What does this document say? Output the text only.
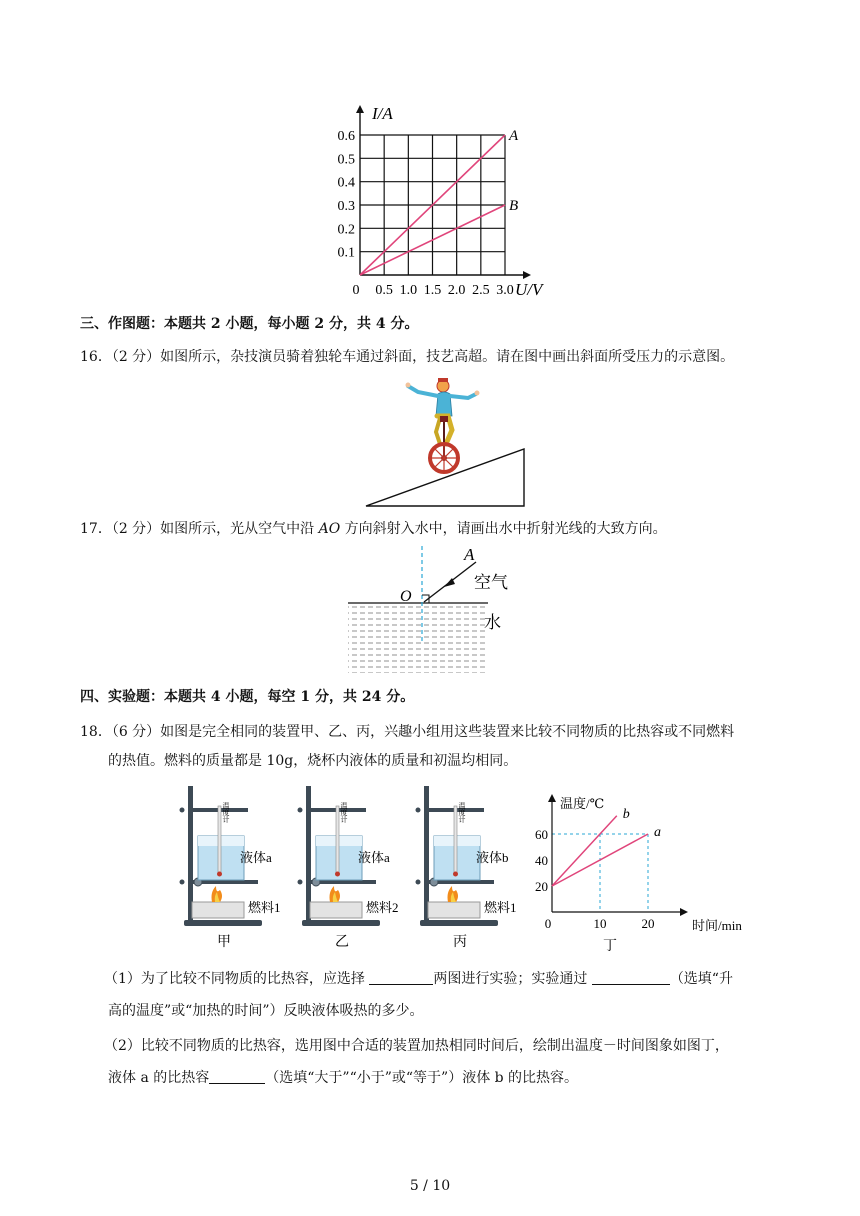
I/A
U/V
0 0.5 1.0 1.5 2.0 2.5 3.0
0.1
0.2
0.3
0.4
0.5
0.6	A
B
三、作图题：本题共 2 小题，每小题 2 分，共 4 分。
16．（2 分）如图所示，杂技演员骑着独轮车通过斜面，技艺高超。请在图中画出斜面所受压力的示意图。
17．（2 分）如图所示，光从空气中沿 AO 方向斜射入水中，请画出水中折射光线的大致方向。
A
O
空气
水
四、实验题：本题共 4 小题，每空 1 分，共 24 分。
18．（6 分）如图是完全相同的装置甲、乙、丙，兴趣小组用这些装置来比较不同物质的比热容或不同燃料
的热值。燃料的质量都是 10g，烧杯内液体的质量和初温均相同。
温度计
液体a
燃料1
甲
温度计
液体a
燃料2
乙
温度计
液体b
燃料1
丙
温度/℃
时间/min
0	10	20
20
40
60
b
a
丁
（1）为了比较不同物质的比热容，应选择	两图进行实验；实验通过	（选填“升
高的温度”或“加热的时间”）反映液体吸热的多少。
（2）比较不同物质的比热容，选用图中合适的装置加热相同时间后，绘制出温度－时间图象如图丁，
液体 a 的比热容	（选填“大于”“小于”或“等于”）液体 b 的比热容。
5 / 10
